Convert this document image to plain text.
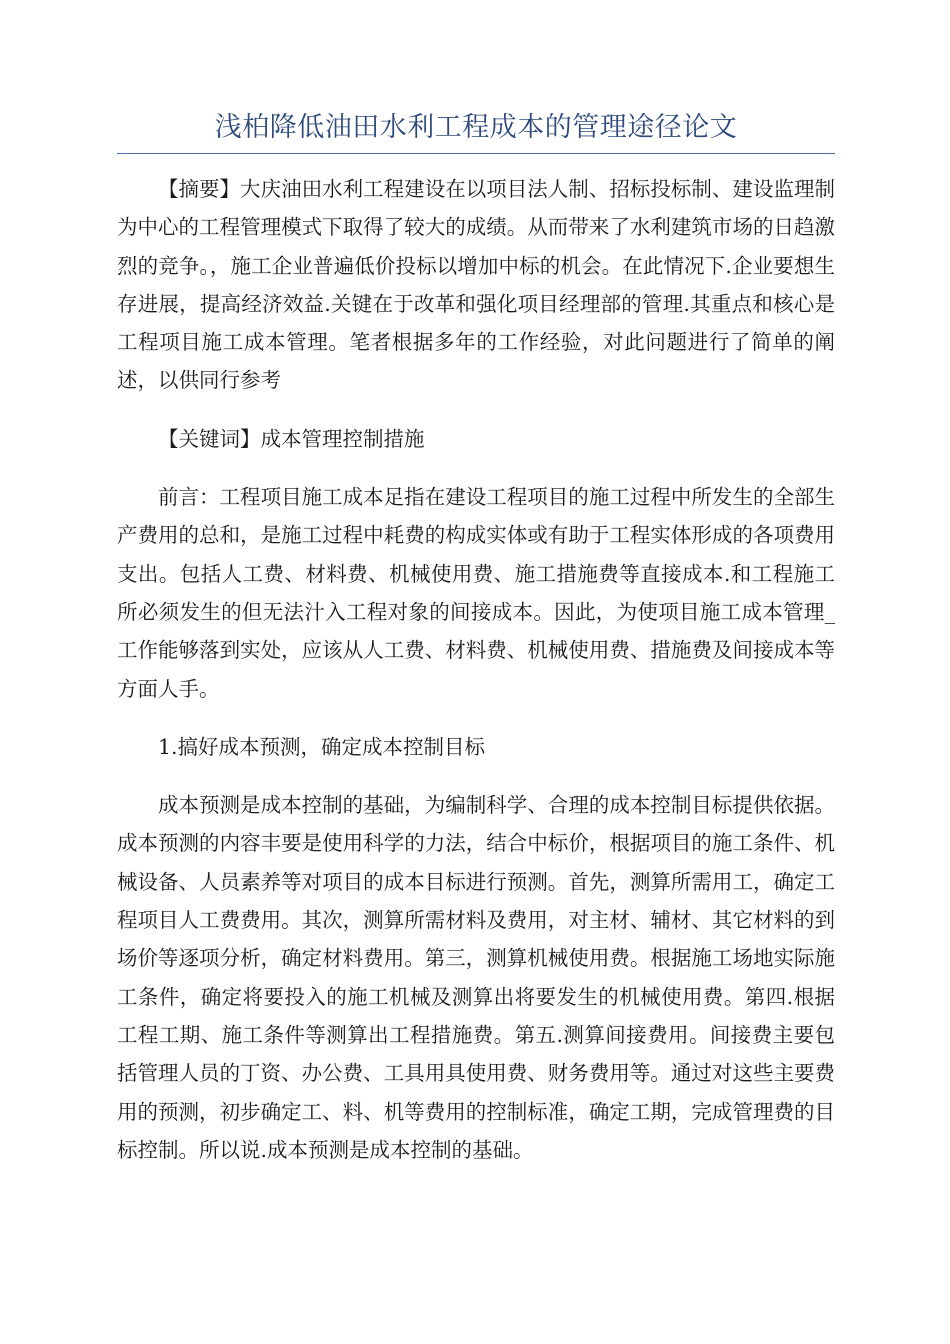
浅柏降低油田水利工程成本的管理途径论文

【摘要】大庆油田水利工程建设在以项目法人制、招标投标制、建设监理制为中心的工程管理模式下取得了较大的成绩。从而带来了水利建筑市场的日趋激烈的竞争。，施工企业普遍低价投标以增加中标的机会。在此情况下.企业要想生存进展，提高经济效益.关键在于改革和强化项目经理部的管理.其重点和核心是工程项目施工成本管理。笔者根据多年的工作经验，对此问题进行了简单的阐述，以供同行参考

【关键词】成本管理控制措施

前言：工程项目施工成本足指在建设工程项目的施工过程中所发生的全部生产费用的总和，是施工过程中耗费的构成实体或有助于工程实体形成的各项费用支出。包括人工费、材料费、机械使用费、施工措施费等直接成本.和工程施工所必须发生的但无法汁入工程对象的间接成本。因此，为使项目施工成本管理_工作能够落到实处，应该从人工费、材料费、机械使用费、措施费及间接成本等方面人手。

1.搞好成本预测，确定成本控制目标

成本预测是成本控制的基础，为编制科学、合理的成本控制目标提供依据。成本预测的内容丰要是使用科学的力法，结合中标价，根据项目的施工条件、机械设备、人员素养等对项目的成本目标进行预测。首先，测算所需用工，确定工程项目人工费费用。其次，测算所需材料及费用，对主材、辅材、其它材料的到场价等逐项分析，确定材料费用。第三，测算机械使用费。根据施工场地实际施工条件，确定将要投入的施工机械及测算出将要发生的机械使用费。第四.根据工程工期、施工条件等测算出工程措施费。第五.测算间接费用。间接费主要包括管理人员的丁资、办公费、工具用具使用费、财务费用等。通过对这些主要费用的预测，初步确定工、料、机等费用的控制标准，确定工期，完成管理费的目标控制。所以说.成本预测是成本控制的基础。
